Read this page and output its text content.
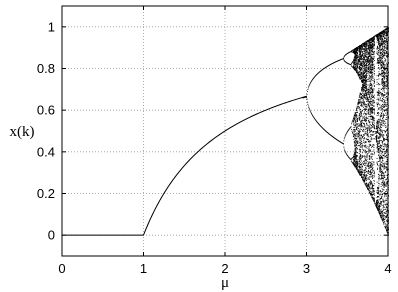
0	1	2	3	4
0
0.2
0.4
0.6
0.8
1
μ
x(k)
